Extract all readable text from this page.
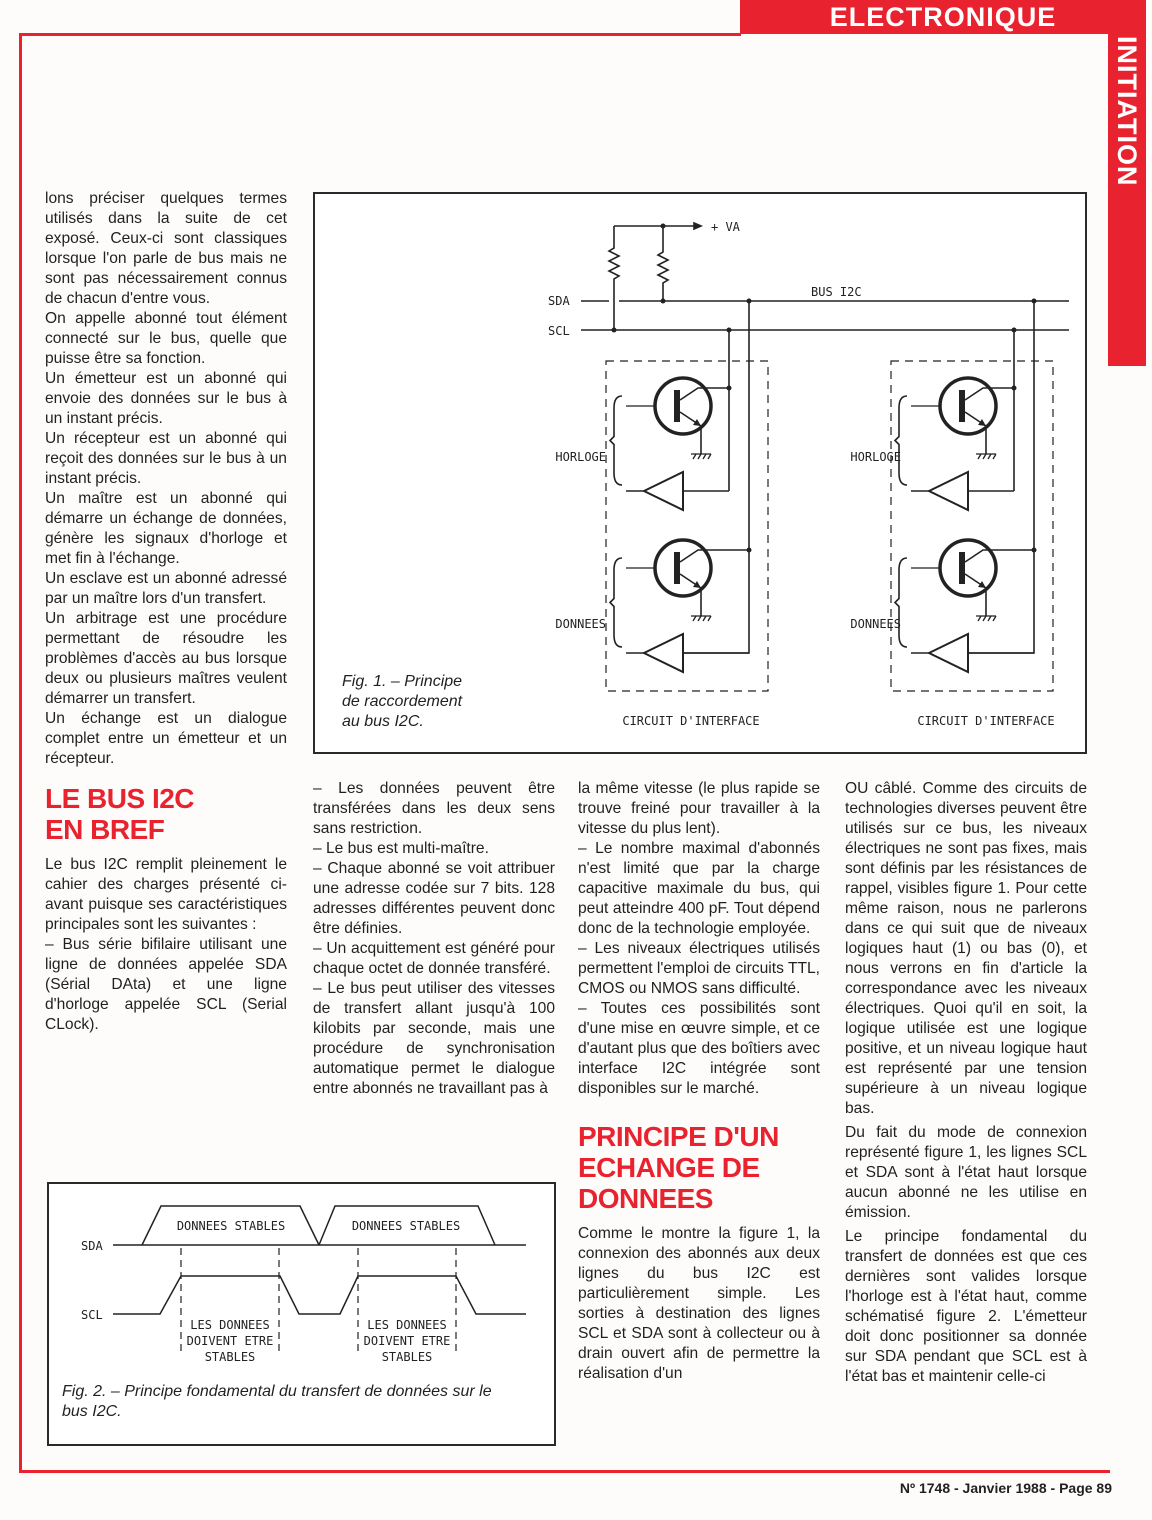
ELECTRONIQUE
INITIATION

lons préciser quelques termes utilisés dans la suite de cet exposé. Ceux-ci sont classiques lorsque l'on parle de bus mais ne sont pas nécessairement connus de chacun d'entre vous.

On appelle abonné tout élément connecté sur le bus, quelle que puisse être sa fonction.

Un émetteur est un abonné qui envoie des données sur le bus à un instant précis.

Un récepteur est un abonné qui reçoit des données sur le bus à un instant précis.

Un maître est un abonné qui démarre un échange de données, génère les signaux d'horloge et met fin à l'échange.

Un esclave est un abonné adressé par un maître lors d'un transfert.

Un arbitrage est une procédure permettant de résoudre les problèmes d'accès au bus lorsque deux ou plusieurs maîtres veulent démarrer un transfert.

Un échange est un dialogue complet entre un émetteur et un récepteur.

LE BUS I2C EN BREF

Le bus I2C remplit pleinement le cahier des charges présenté ci-avant puisque ses caractéristiques principales sont les suivantes :

– Bus série bifilaire utilisant une ligne de données appelée SDA (Sérial DAta) et une ligne d'horloge appelée SCL (Serial CLock).

+ VA
BUS I2C
SDA
SCL
HORLOGE
DONNEES
CIRCUIT D'INTERFACE
HORLOGE
DONNEES
CIRCUIT D'INTERFACE
Fig. 1. – Principe
de raccordement
au bus I2C.

– Les données peuvent être transférées dans les deux sens sans restriction.

– Le bus est multi-maître.

– Chaque abonné se voit attribuer une adresse codée sur 7 bits. 128 adresses différentes peuvent donc être définies.

– Un acquittement est généré pour chaque octet de donnée transféré.

– Le bus peut utiliser des vitesses de transfert allant jusqu'à 100 kilobits par seconde, mais une procédure de synchronisation automatique permet le dialogue entre abonnés ne travaillant pas à

la même vitesse (le plus rapide se trouve freiné pour travailler à la vitesse du plus lent).

– Le nombre maximal d'abonnés n'est limité que par la charge capacitive maximale du bus, qui peut atteindre 400 pF. Tout dépend donc de la technologie employée.

– Les niveaux électriques utilisés permettent l'emploi de circuits TTL, CMOS ou NMOS sans difficulté.

– Toutes ces possibilités sont d'une mise en œuvre simple, et ce d'autant plus que des boîtiers avec interface I2C intégrée sont disponibles sur le marché.

PRINCIPE D'UN ECHANGE DE DONNEES

Comme le montre la figure 1, la connexion des abonnés aux deux lignes du bus I2C est particulièrement simple. Les sorties à destination des lignes SCL et SDA sont à collecteur ou à drain ouvert afin de permettre la réalisation d'un

OU câblé. Comme des circuits de technologies diverses peuvent être utilisés sur ce bus, les niveaux électriques ne sont pas fixes, mais sont définis par les résistances de rappel, visibles figure 1. Pour cette même raison, nous ne parlerons dans ce qui suit que de niveaux logiques haut (1) ou bas (0), et nous verrons en fin d'article la correspondance avec les niveaux électriques. Quoi qu'il en soit, la logique utilisée est une logique positive, et un niveau logique haut est représenté par une tension supérieure à un niveau logique bas.

Du fait du mode de connexion représenté figure 1, les lignes SCL et SDA sont à l'état haut lorsque aucun abonné ne les utilise en émission.

Le principe fondamental du transfert de données est que ces dernières sont valides lorsque l'horloge est à l'état haut, comme schématisé figure 2. L'émetteur doit donc positionner sa donnée sur SDA pendant que SCL est à l'état bas et maintenir celle-ci

SDA
SCL
DONNEES STABLES	DONNEES STABLES
LES DONNEES
DOIVENT ETRE
STABLES
LES DONNEES
DOIVENT ETRE
STABLES
Fig. 2. – Principe fondamental du transfert de données sur le
bus I2C.
Nº 1748 - Janvier 1988 - Page 89
